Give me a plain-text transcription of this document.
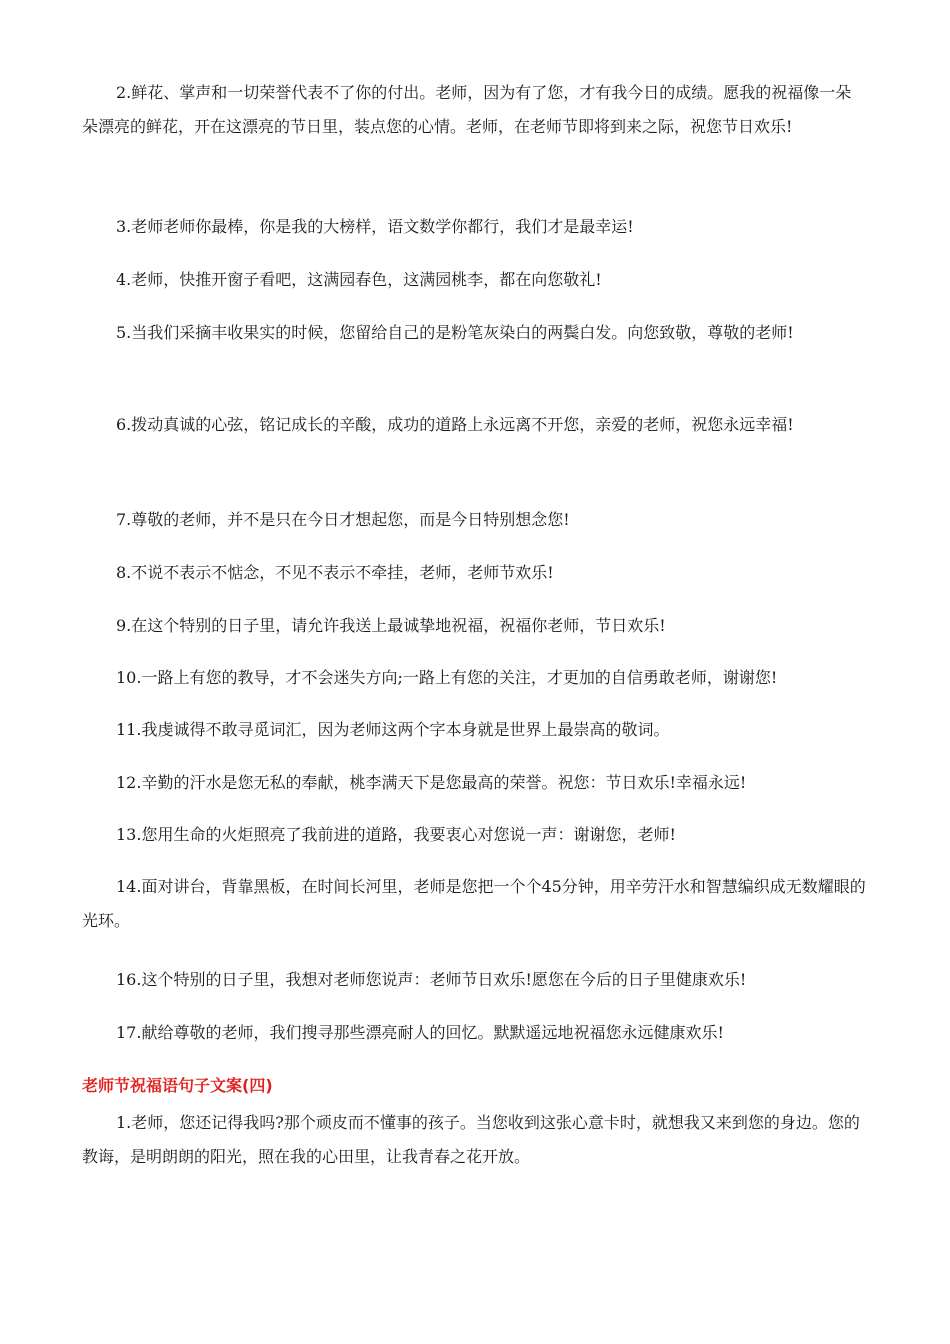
2.鲜花、掌声和一切荣誉代表不了你的付出。老师，因为有了您，才有我今日的成绩。愿我的祝福像一朵朵漂亮的鲜花，开在这漂亮的节日里，装点您的心情。老师，在老师节即将到来之际，祝您节日欢乐!

3.老师老师你最棒，你是我的大榜样，语文数学你都行，我们才是最幸运!

4.老师，快推开窗子看吧，这满园春色，这满园桃李，都在向您敬礼!

5.当我们采摘丰收果实的时候，您留给自己的是粉笔灰染白的两鬓白发。向您致敬，尊敬的老师!

6.拨动真诚的心弦，铭记成长的辛酸，成功的道路上永远离不开您，亲爱的老师，祝您永远幸福!

7.尊敬的老师，并不是只在今日才想起您，而是今日特别想念您!

8.不说不表示不惦念，不见不表示不牵挂，老师，老师节欢乐!

9.在这个特别的日子里，请允许我送上最诚挚地祝福，祝福你老师，节日欢乐!

10.一路上有您的教导，才不会迷失方向;一路上有您的关注，才更加的自信勇敢老师，谢谢您!

11.我虔诚得不敢寻觅词汇，因为老师这两个字本身就是世界上最崇高的敬词。

12.辛勤的汗水是您无私的奉献，桃李满天下是您最高的荣誉。祝您：节日欢乐!幸福永远!

13.您用生命的火炬照亮了我前进的道路，我要衷心对您说一声：谢谢您，老师!

14.面对讲台，背靠黑板，在时间长河里，老师是您把一个个45分钟，用辛劳汗水和智慧编织成无数耀眼的光环。

16.这个特别的日子里，我想对老师您说声：老师节日欢乐!愿您在今后的日子里健康欢乐!

17.献给尊敬的老师，我们搜寻那些漂亮耐人的回忆。默默遥远地祝福您永远健康欢乐!

老师节祝福语句子文案(四)

1.老师，您还记得我吗?那个顽皮而不懂事的孩子。当您收到这张心意卡时，就想我又来到您的身边。您的教诲，是明朗朗的阳光，照在我的心田里，让我青春之花开放。
